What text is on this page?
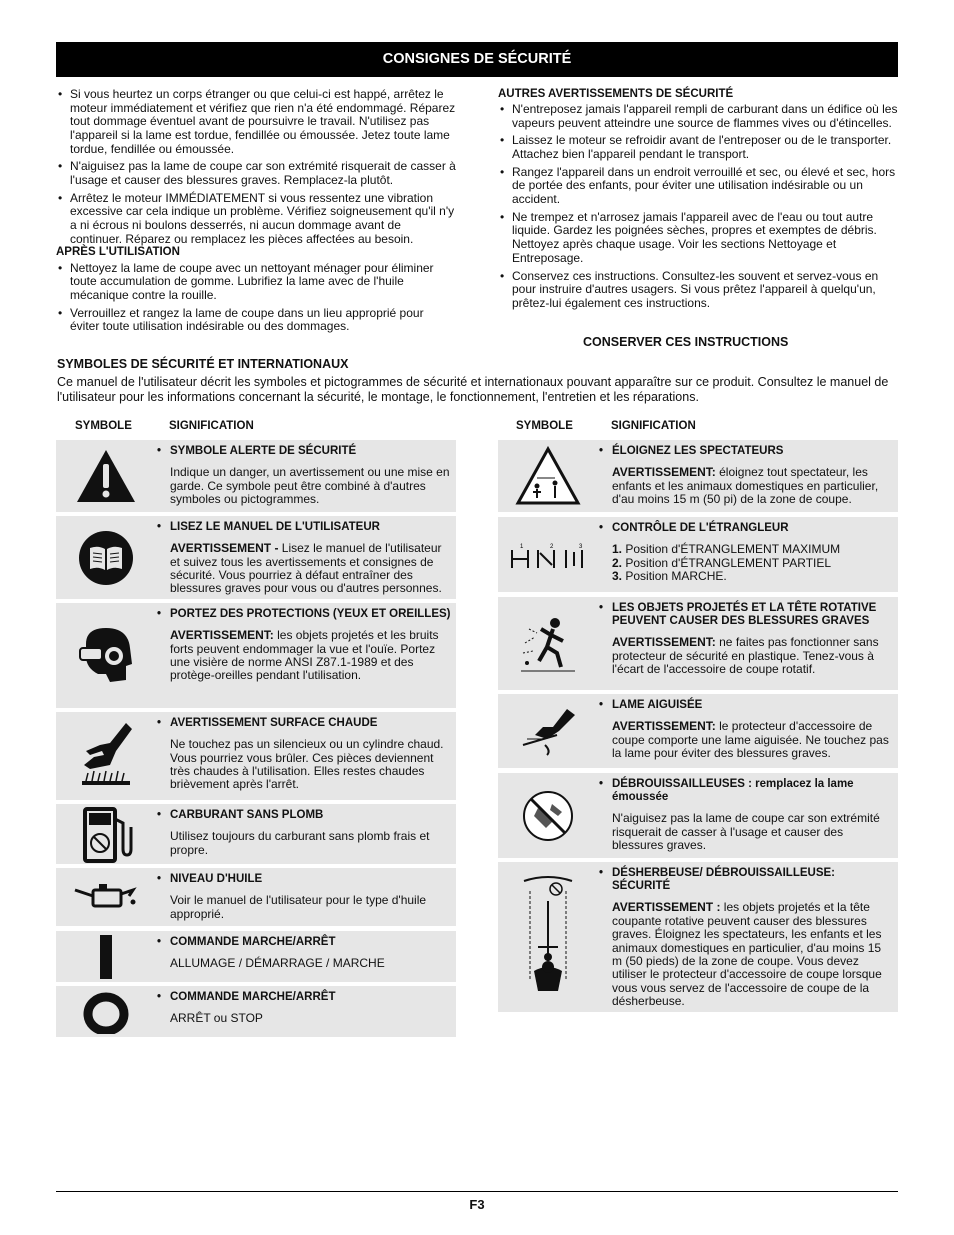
CONSIGNES DE SÉCURITÉ
• Si vous heurtez un corps étranger ou que celui-ci est happé, arrêtez le moteur immédiatement et vérifiez que rien n'a été endommagé. Réparez tout dommage éventuel avant de poursuivre le travail. N'utilisez pas l'appareil si la lame est tordue, fendillée ou émoussée. Jetez toute lame tordue, fendillée ou émoussée.
• N'aiguisez pas la lame de coupe car son extrémité risquerait de casser à l'usage et causer des blessures graves. Remplacez-la plutôt.
• Arrêtez le moteur IMMÉDIATEMENT si vous ressentez une vibration excessive car cela indique un problème. Vérifiez soigneusement qu'il n'y a ni écrous ni boulons desserrés, ni aucun dommage avant de continuer. Réparez ou remplacez les pièces affectées au besoin.
APRÈS L'UTILISATION
• Nettoyez la lame de coupe avec un nettoyant ménager pour éliminer toute accumulation de gomme. Lubrifiez la lame avec de l'huile mécanique contre la rouille.
• Verrouillez et rangez la lame de coupe dans un lieu approprié pour éviter toute utilisation indésirable ou des dommages.
AUTRES AVERTISSEMENTS DE SÉCURITÉ
• N'entreposez jamais l'appareil rempli de carburant dans un édifice où les vapeurs peuvent atteindre une source de flammes vives ou d'étincelles.
• Laissez le moteur se refroidir avant de l'entreposer ou de le transporter. Attachez bien l'appareil pendant le transport.
• Rangez l'appareil dans un endroit verrouillé et sec, ou élevé et sec, hors de portée des enfants, pour éviter une utilisation indésirable ou un accident.
• Ne trempez et n'arrosez jamais l'appareil avec de l'eau ou tout autre liquide. Gardez les poignées sèches, propres et exemptes de débris. Nettoyez après chaque usage. Voir les sections Nettoyage et Entreposage.
• Conservez ces instructions. Consultez-les souvent et servez-vous en pour instruire d'autres usagers. Si vous prêtez l'appareil à quelqu'un, prêtez-lui également ces instructions.
CONSERVER CES INSTRUCTIONS
SYMBOLES DE SÉCURITÉ ET INTERNATIONAUX
Ce manuel de l'utilisateur décrit les symboles et pictogrammes de sécurité et internationaux pouvant apparaître sur ce produit. Consultez le manuel de l'utilisateur pour les informations concernant la sécurité, le montage, le fonctionnement, l'entretien et les réparations.
SYMBOLE	SIGNIFICATION	SYMBOLE	SIGNIFICATION
• SYMBOLE ALERTE DE SÉCURITÉ
Indique un danger, un avertissement ou une mise en garde. Ce symbole peut être combiné à d'autres symboles ou pictogrammes.
• LISEZ LE MANUEL DE L'UTILISATEUR
AVERTISSEMENT - Lisez le manuel de l'utilisateur et suivez tous les avertissements et consignes de sécurité. Vous pourriez à défaut entraîner des blessures graves pour vous ou d'autres personnes.
• PORTEZ DES PROTECTIONS (YEUX ET OREILLES)
AVERTISSEMENT: les objets projetés et les bruits forts peuvent endommager la vue et l'ouïe. Portez une visière de norme ANSI Z87.1-1989 et des protège-oreilles pendant l'utilisation.
• AVERTISSEMENT SURFACE CHAUDE
Ne touchez pas un silencieux ou un cylindre chaud. Vous pourriez vous brûler. Ces pièces deviennent très chaudes à l'utilisation. Elles restes chaudes brièvement après l'arrêt.
• CARBURANT SANS PLOMB
Utilisez toujours du carburant sans plomb frais et propre.
• NIVEAU D'HUILE
Voir le manuel de l'utilisateur pour le type d'huile approprié.
• COMMANDE MARCHE/ARRÊT
ALLUMAGE / DÉMARRAGE / MARCHE
• COMMANDE MARCHE/ARRÊT
ARRÊT ou STOP
• ÉLOIGNEZ LES SPECTATEURS
AVERTISSEMENT: éloignez tout spectateur, les enfants et les animaux domestiques en particulier, d'au moins 15 m (50 pi) de la zone de coupe.
1	2	3
• CONTRÔLE DE L'ÉTRANGLEUR
1. Position d'ÉTRANGLEMENT MAXIMUM
2. Position d'ÉTRANGLEMENT PARTIEL
3. Position MARCHE.
• LES OBJETS PROJETÉS ET LA TÊTE ROTATIVE PEUVENT CAUSER DES BLESSURES GRAVES
AVERTISSEMENT: ne faites pas fonctionner sans protecteur de sécurité en plastique. Tenez-vous à l'écart de l'accessoire de coupe rotatif.
• LAME AIGUISÉE
AVERTISSEMENT: le protecteur d'accessoire de coupe comporte une lame aiguisée. Ne touchez pas la lame pour éviter des blessures graves.
• DÉBROUISSAILLEUSES : remplacez la lame émoussée
N'aiguisez pas la lame de coupe car son extrémité risquerait de casser à l'usage et causer des blessures graves.
• DÉSHERBEUSE/ DÉBROUISSAILLEUSE: SÉCURITÉ
AVERTISSEMENT : les objets projetés et la tête coupante rotative peuvent causer des blessures graves. Éloignez les spectateurs, les enfants et les animaux domestiques en particulier, d'au moins 15 m (50 pieds) de la zone de coupe. Vous devez utiliser le protecteur d'accessoire de coupe lorsque vous vous servez de l'accessoire de coupe de la désherbeuse.
F3
